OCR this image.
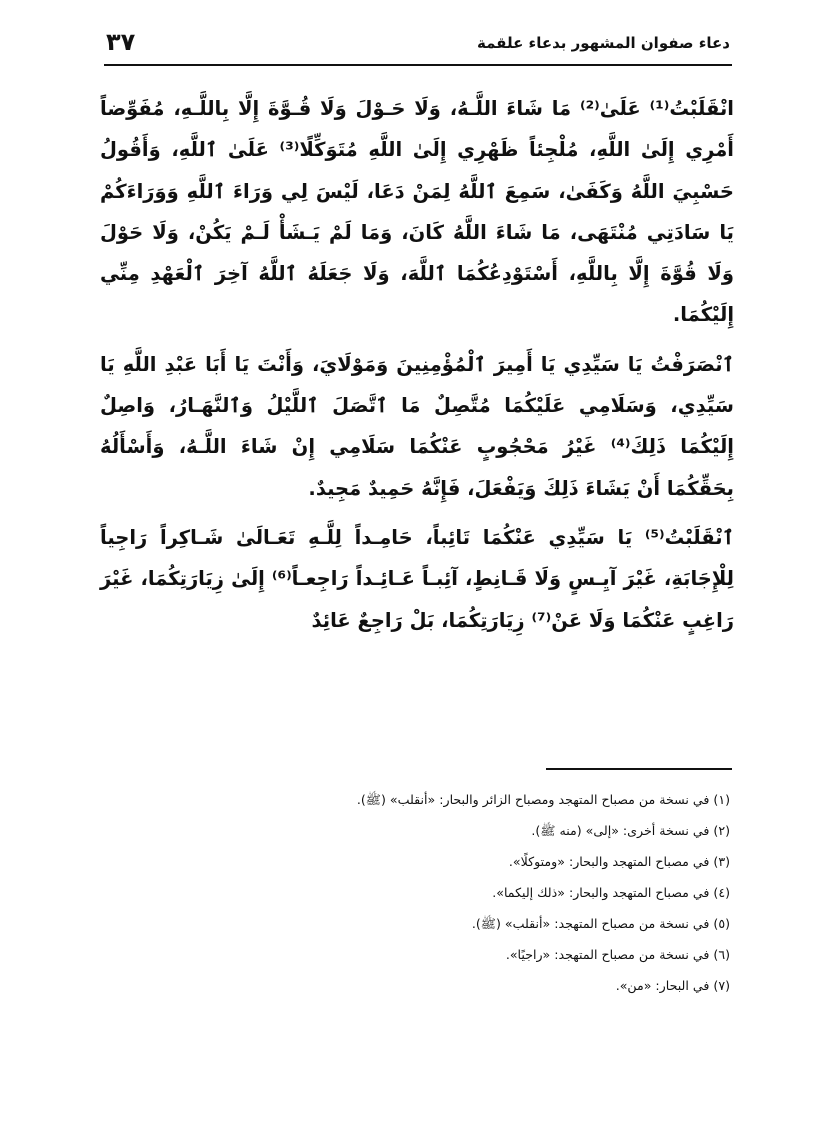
٣٧	دعاء صفوان المشهور بدعاء علقمة

انْقَلَبْتُ⁽¹⁾ عَلَىٰ⁽²⁾ مَا شَاءَ اللَّـهُ، وَلَا حَـوْلَ وَلَا قُـوَّةَ إِلَّا بِاللَّـهِ، مُفَوِّضاً أَمْرِي إِلَىٰ اللَّهِ، مُلْجِئاً ظَهْرِي إِلَىٰ اللَّهِ مُتَوَكِّلًا⁽³⁾ عَلَىٰ ٱللَّهِ، وَأَقُولُ حَسْبِيَ اللَّهُ وَكَفَىٰ، سَمِعَ ٱللَّهُ لِمَنْ دَعَا، لَيْسَ لِي وَرَاءَ ٱللَّهِ وَوَرَاءَكُمْ يَا سَادَتِي مُنْتَهَى، مَا شَاءَ اللَّهُ كَانَ، وَمَا لَمْ يَـشَأْ لَـمْ يَكُنْ، وَلَا حَوْلَ وَلَا قُوَّةَ إِلَّا بِاللَّهِ، أَسْتَوْدِعُكُمَا ٱللَّهَ، وَلَا جَعَلَهُ ٱللَّهُ آخِرَ ٱلْعَهْدِ مِنِّي إِلَيْكُمَا.

ٱنْصَرَفْتُ يَا سَيِّدِي يَا أَمِيرَ ٱلْمُؤْمِنِينَ وَمَوْلَايَ، وَأَنْتَ يَا أَبَا عَبْدِ اللَّهِ يَا سَيِّدِي، وَسَلَامِي عَلَيْكُمَا مُتَّصِلٌ مَا ٱتَّصَلَ ٱللَّيْلُ وَٱلنَّهَـارُ، وَاصِلٌ إِلَيْكُمَا ذَلِكَ⁽⁴⁾ غَيْرُ مَحْجُوبٍ عَنْكُمَا سَلَامِي إِنْ شَاءَ اللَّـهُ، وَأَسْأَلُهُ بِحَقِّكُمَا أَنْ يَشَاءَ ذَلِكَ وَيَفْعَلَ، فَإِنَّهُ حَمِيدٌ مَجِيدٌ.

ٱنْقَلَبْتُ⁽⁵⁾ يَا سَيِّدِي عَنْكُمَا تَائِباً، حَامِـداً لِلَّـهِ تَعَـالَىٰ شَـاكِراً رَاجِياً لِلْإِجَابَةِ، غَيْرَ آيِـسٍ وَلَا قَـانِطٍ، آئِبـاً عَـائِـداً رَاجِعـاً⁽⁶⁾ إِلَىٰ زِيَارَتِكُمَا، غَيْرَ رَاغِبٍ عَنْكُمَا وَلَا عَنْ⁽⁷⁾ زِيَارَتِكُمَا، بَلْ رَاجِعٌ عَائِدٌ

(١) في نسخة من مصباح المتهجد ومصباح الزائر والبحار: «أنقلب» (ﷺ).
(٢) في نسخة أخرى: «إلى» (منه ﷺ).
(٣) في مصباح المتهجد والبحار: «ومتوكلًا».
(٤) في مصباح المتهجد والبحار: «ذلك إليكما».
(٥) في نسخة من مصباح المتهجد: «أنقلب» (ﷺ).
(٦) في نسخة من مصباح المتهجد: «راجيًا».
(٧) في البحار: «من».
